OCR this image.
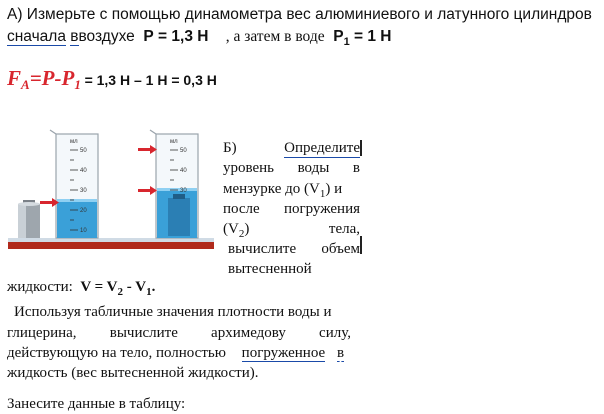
А) Измерьте с помощью динамометра вес алюминиевого и латунного цилиндров
сначала ввоздухе Р = 1,3 Н , а затем в воде $Р_1 = 1$ Н
$F_A=P-P_1 = 1,3$ Н – 1 Н = 0,3 Н
мл
50
40
30
20
10
мл
50
40
30
Б)	Определите
уровень воды в
мензурке до $(V_1)$ и
после погружения
$(V_2)$	тела,
вычислите объем
вытесненной
жидкости: $V = V_2 - V_1$.
Используя табличные значения плотности воды и
глицерина, вычислите архимедову силу,
действующую на тело, полностью погруженное в
жидкость (вес вытесненной жидкости).
Занесите данные в таблицу:
